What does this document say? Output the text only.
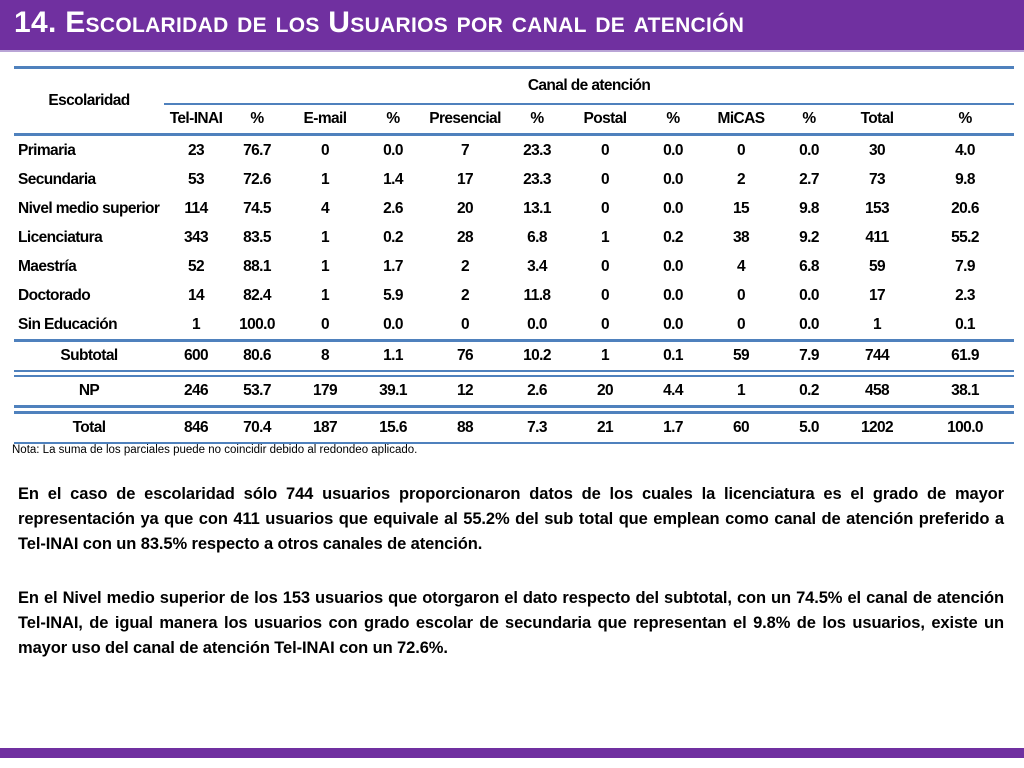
14. Escolaridad de los Usuarios por canal de atención
Escolaridad	Canal de atención											
	Tel-INAI	%	E-mail	%	Presencial	%	Postal	%	MiCAS	%	Total	%
Primaria	23	76.7	0	0.0	7	23.3	0	0.0	0	0.0	30	4.0
Secundaria	53	72.6	1	1.4	17	23.3	0	0.0	2	2.7	73	9.8
Nivel medio superior	114	74.5	4	2.6	20	13.1	0	0.0	15	9.8	153	20.6
Licenciatura	343	83.5	1	0.2	28	6.8	1	0.2	38	9.2	411	55.2
Maestría	52	88.1	1	1.7	2	3.4	0	0.0	4	6.8	59	7.9
Doctorado	14	82.4	1	5.9	2	11.8	0	0.0	0	0.0	17	2.3
Sin Educación	1	100.0	0	0.0	0	0.0	0	0.0	0	0.0	1	0.1
Subtotal	600	80.6	8	1.1	76	10.2	1	0.1	59	7.9	744	61.9

NP	246	53.7	179	39.1	12	2.6	20	4.4	1	0.2	458	38.1

Total	846	70.4	187	15.6	88	7.3	21	1.7	60	5.0	1202	100.0
Nota: La suma de los parciales puede no coincidir debido al redondeo aplicado.

En el caso de escolaridad sólo 744 usuarios proporcionaron datos de los cuales la licenciatura es el grado de mayor representación ya que con 411 usuarios que equivale al 55.2% del sub total que emplean como canal de atención preferido a Tel-INAI con un 83.5% respecto a otros canales de atención.

En el Nivel medio superior de los 153 usuarios que otorgaron el dato respecto del subtotal, con un 74.5% el canal de atención Tel-INAI, de igual manera los usuarios con grado escolar de secundaria que representan el 9.8% de los usuarios, existe un mayor uso del canal de atención Tel-INAI con un 72.6%.
